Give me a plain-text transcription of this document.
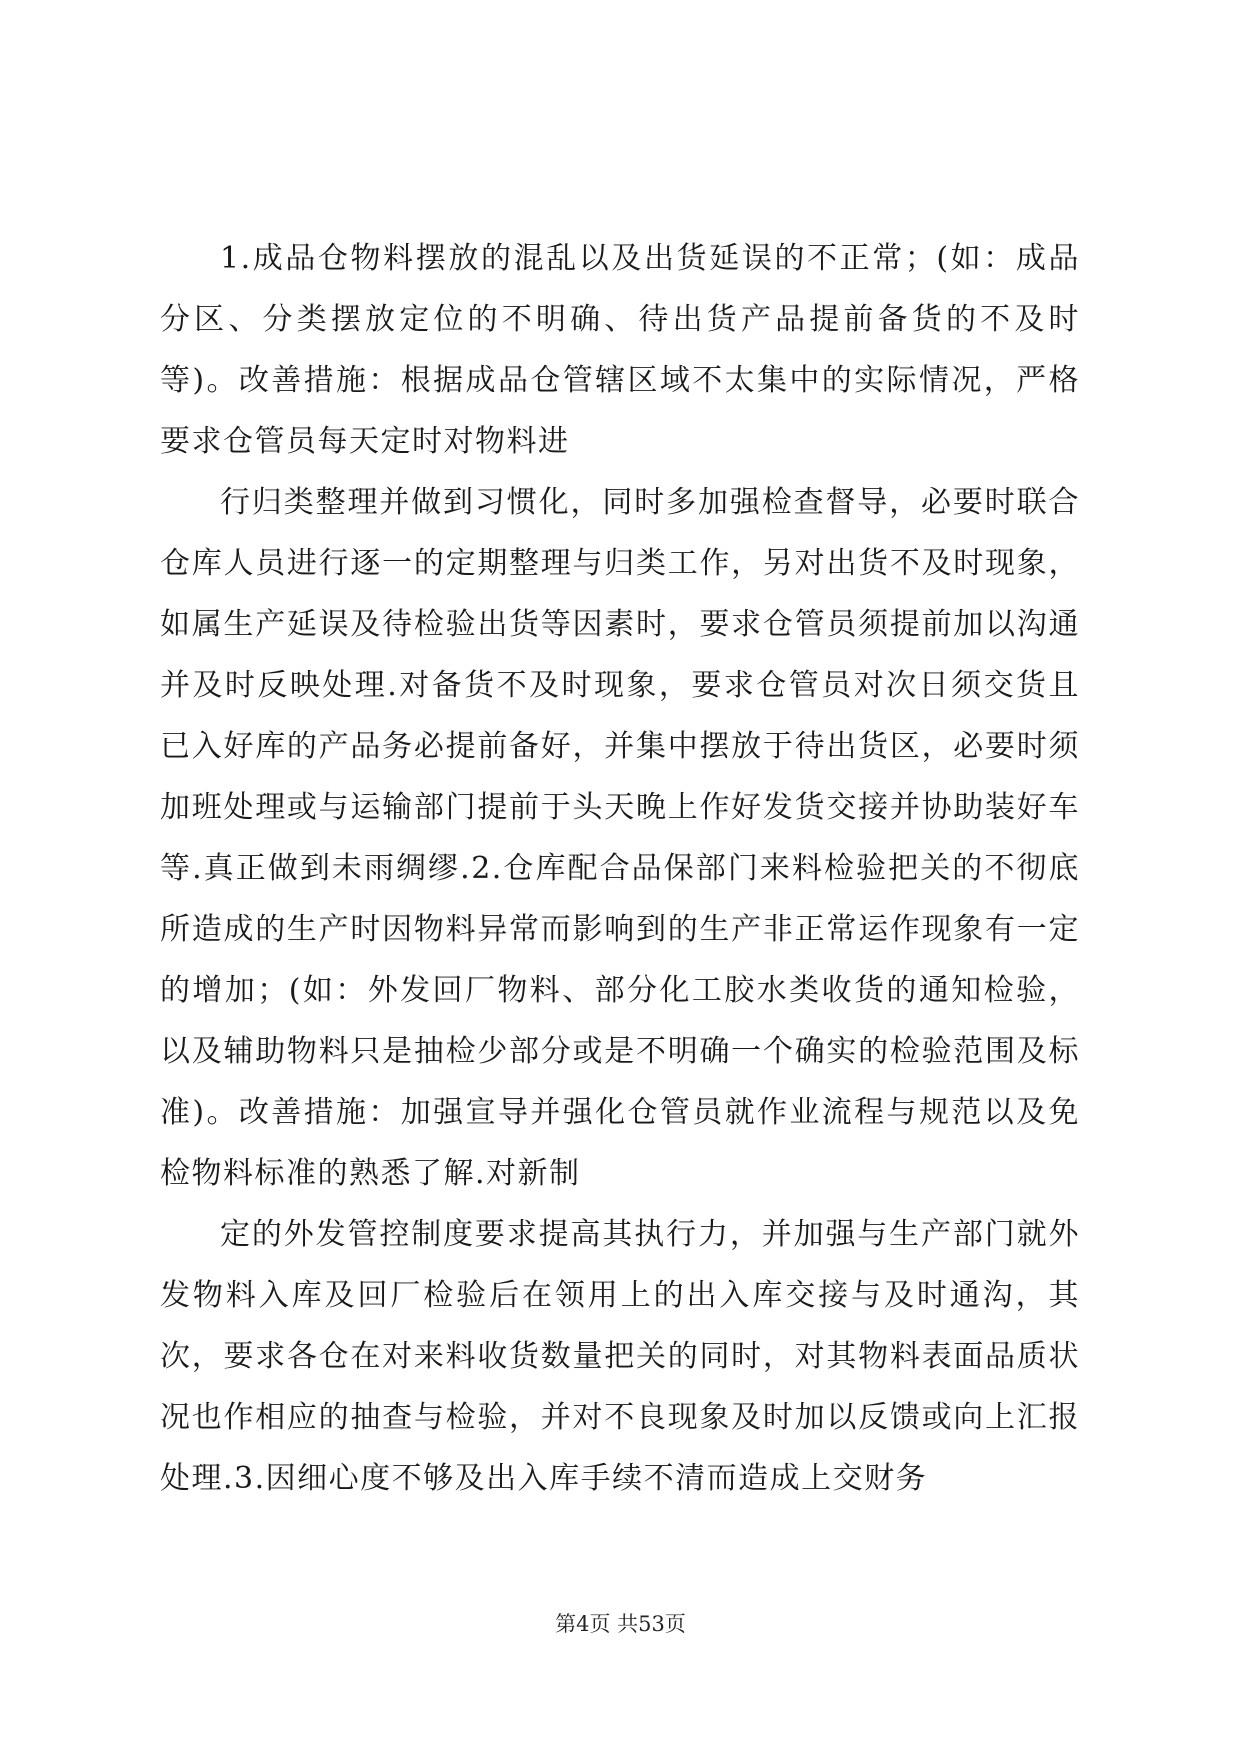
1.成品仓物料摆放的混乱以及出货延误的不正常；(如：成品分区、分类摆放定位的不明确、待出货产品提前备货的不及时等)。改善措施：根据成品仓管辖区域不太集中的实际情况，严格要求仓管员每天定时对物料进

行归类整理并做到习惯化，同时多加强检查督导，必要时联合仓库人员进行逐一的定期整理与归类工作，另对出货不及时现象，如属生产延误及待检验出货等因素时，要求仓管员须提前加以沟通并及时反映处理.对备货不及时现象，要求仓管员对次日须交货且已入好库的产品务必提前备好，并集中摆放于待出货区，必要时须加班处理或与运输部门提前于头天晚上作好发货交接并协助装好车等.真正做到未雨绸缪.2.仓库配合品保部门来料检验把关的不彻底所造成的生产时因物料异常而影响到的生产非正常运作现象有一定的增加；(如：外发回厂物料、部分化工胶水类收货的通知检验，以及辅助物料只是抽检少部分或是不明确一个确实的检验范围及标准)。改善措施：加强宣导并强化仓管员就作业流程与规范以及免检物料标准的熟悉了解.对新制

定的外发管控制度要求提高其执行力，并加强与生产部门就外发物料入库及回厂检验后在领用上的出入库交接与及时通沟，其次，要求各仓在对来料收货数量把关的同时，对其物料表面品质状况也作相应的抽查与检验，并对不良现象及时加以反馈或向上汇报处理.3.因细心度不够及出入库手续不清而造成上交财务

第4页 共53页
